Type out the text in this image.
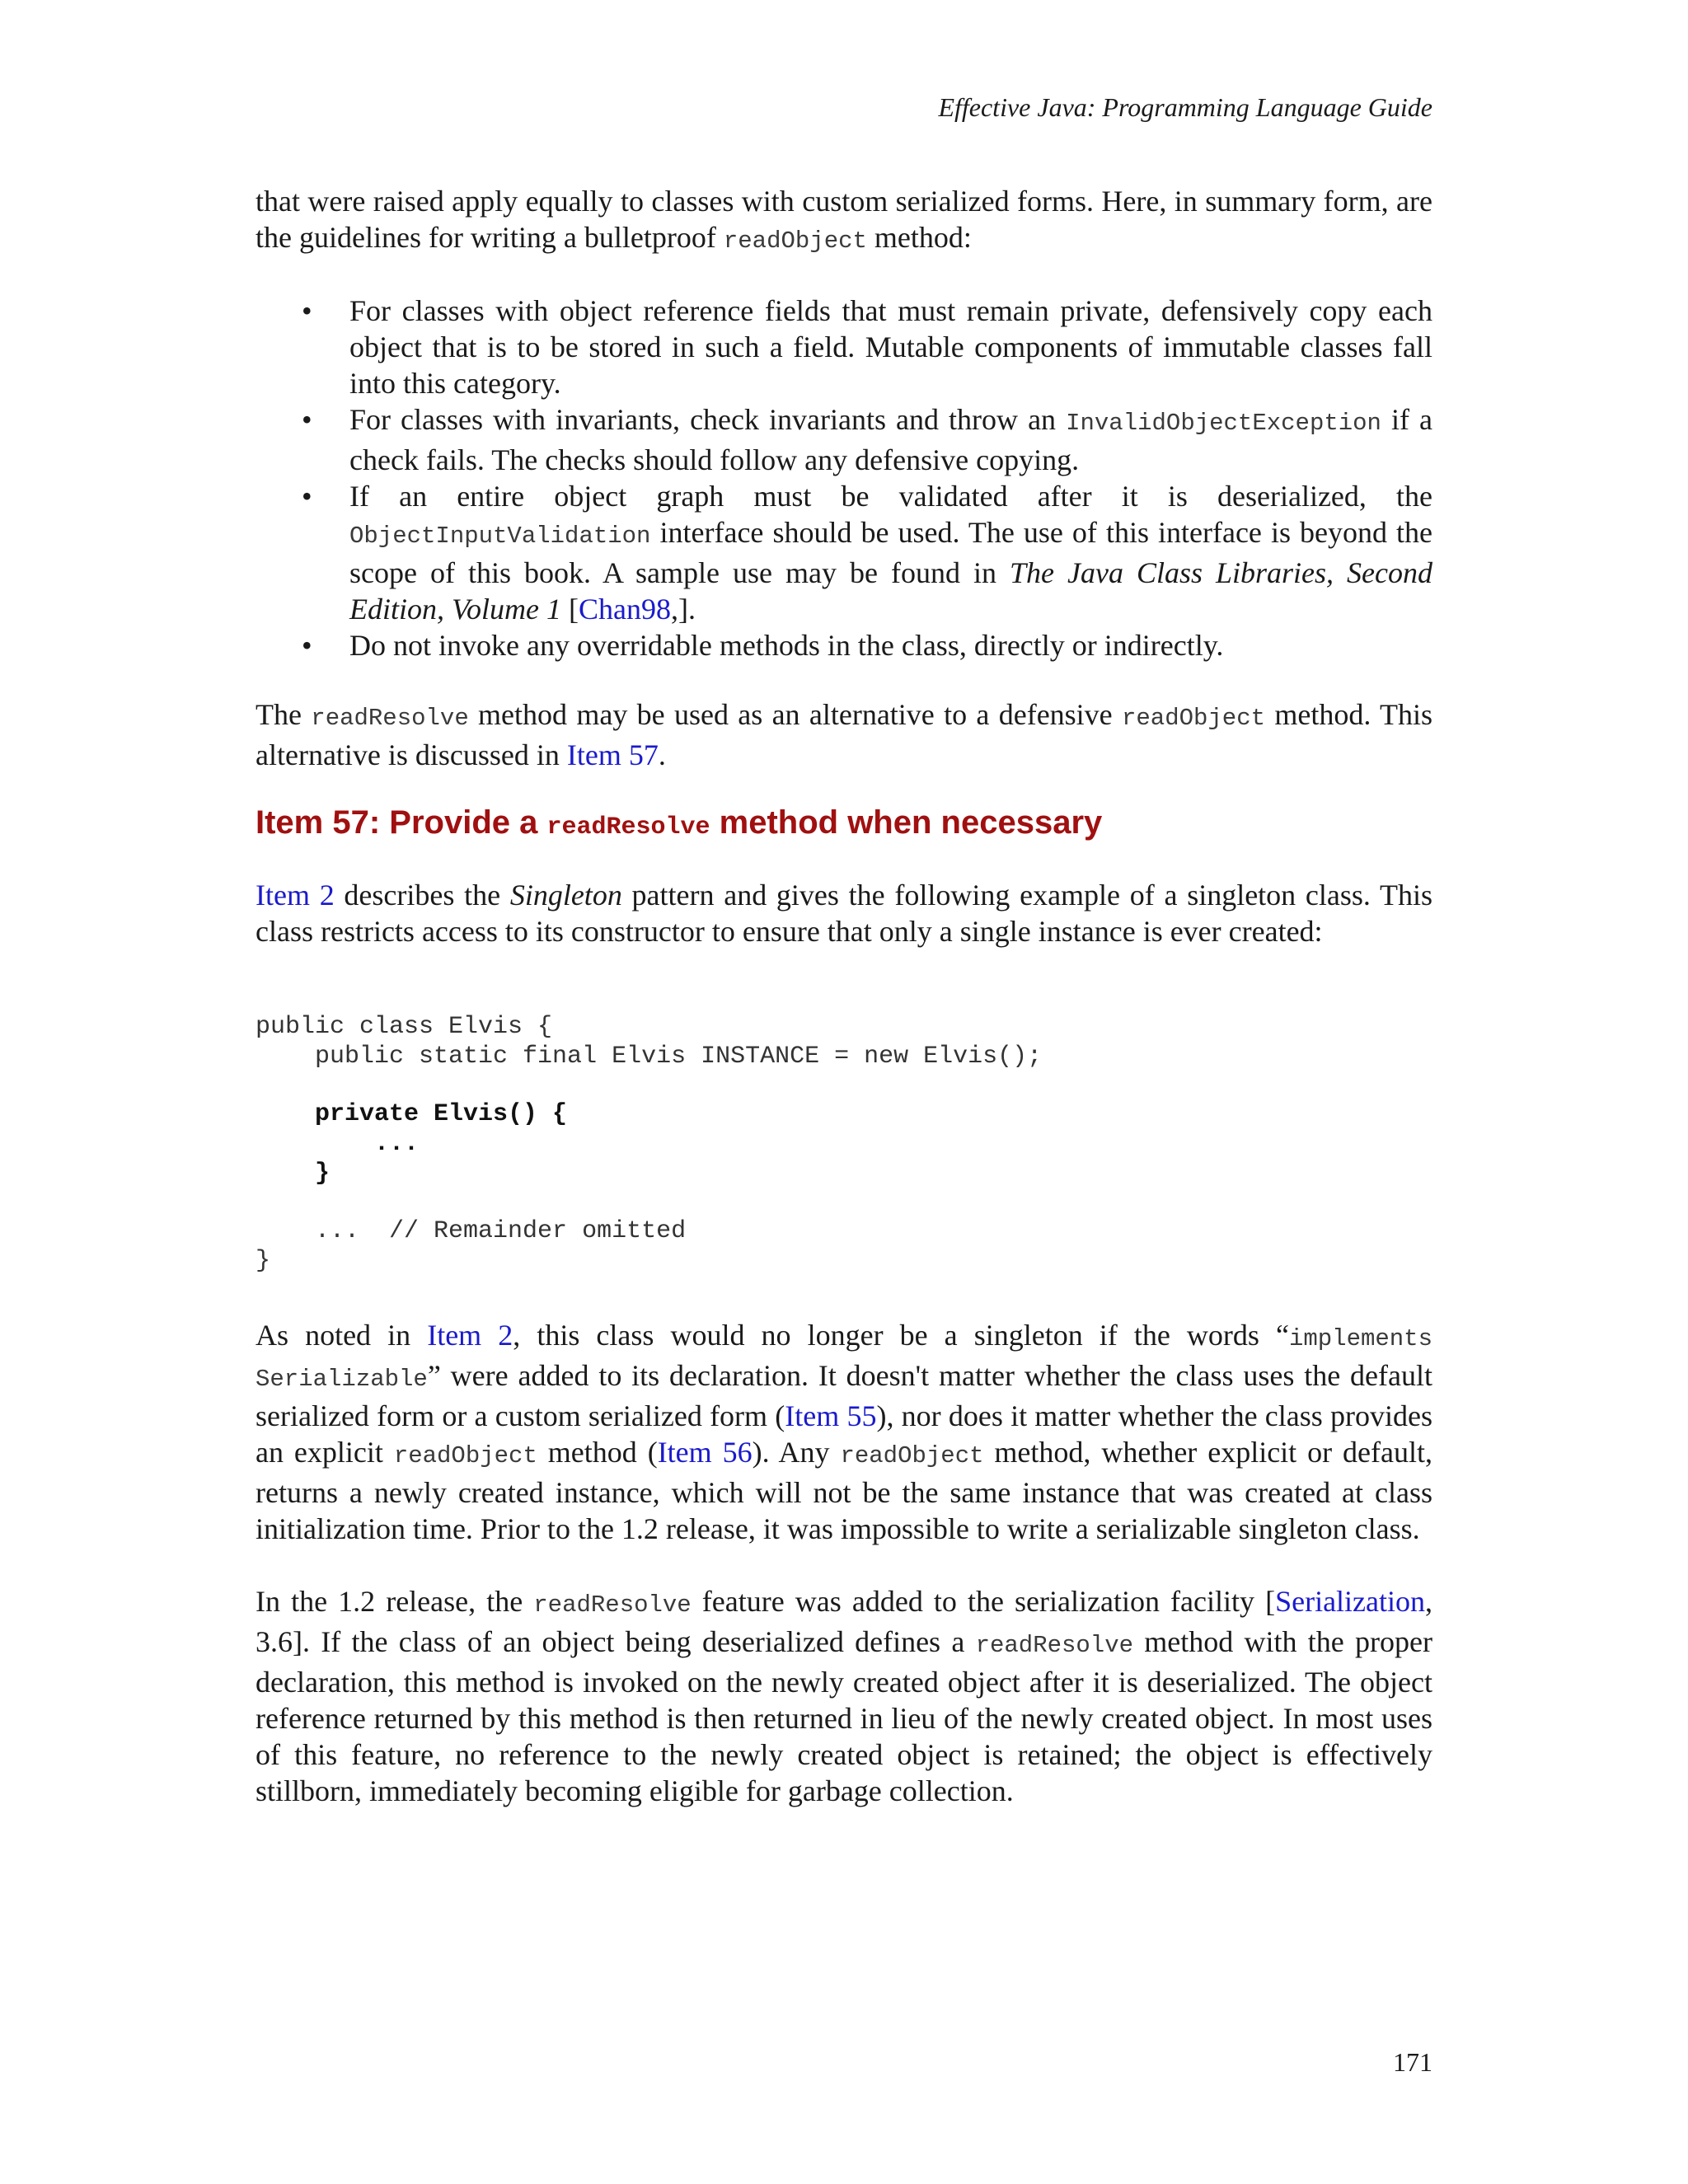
Effective Java: Programming Language Guide

that were raised apply equally to classes with custom serialized forms. Here, in summary form, are the guidelines for writing a bulletproof readObject method:

• For classes with object reference fields that must remain private, defensively copy each object that is to be stored in such a field. Mutable components of immutable classes fall into this category.
• For classes with invariants, check invariants and throw an InvalidObjectException if a check fails. The checks should follow any defensive copying.
• If an entire object graph must be validated after it is deserialized, the ObjectInputValidation interface should be used. The use of this interface is beyond the scope of this book. A sample use may be found in The Java Class Libraries, Second Edition, Volume 1 [Chan98,].
• Do not invoke any overridable methods in the class, directly or indirectly.

The readResolve method may be used as an alternative to a defensive readObject method. This alternative is discussed in Item 57.

Item 57: Provide a readResolve method when necessary

Item 2 describes the Singleton pattern and gives the following example of a singleton class. This class restricts access to its constructor to ensure that only a single instance is ever created:

public class Elvis {
public static final Elvis INSTANCE = new Elvis();
private Elvis() {
...
}
...  // Remainder omitted
}

As noted in Item 2, this class would no longer be a singleton if the words “implements Serializable” were added to its declaration. It doesn't matter whether the class uses the default serialized form or a custom serialized form (Item 55), nor does it matter whether the class provides an explicit readObject method (Item 56). Any readObject method, whether explicit or default, returns a newly created instance, which will not be the same instance that was created at class initialization time. Prior to the 1.2 release, it was impossible to write a serializable singleton class.

In the 1.2 release, the readResolve feature was added to the serialization facility [Serialization, 3.6]. If the class of an object being deserialized defines a readResolve method with the proper declaration, this method is invoked on the newly created object after it is deserialized. The object reference returned by this method is then returned in lieu of the newly created object. In most uses of this feature, no reference to the newly created object is retained; the object is effectively stillborn, immediately becoming eligible for garbage collection.

171
